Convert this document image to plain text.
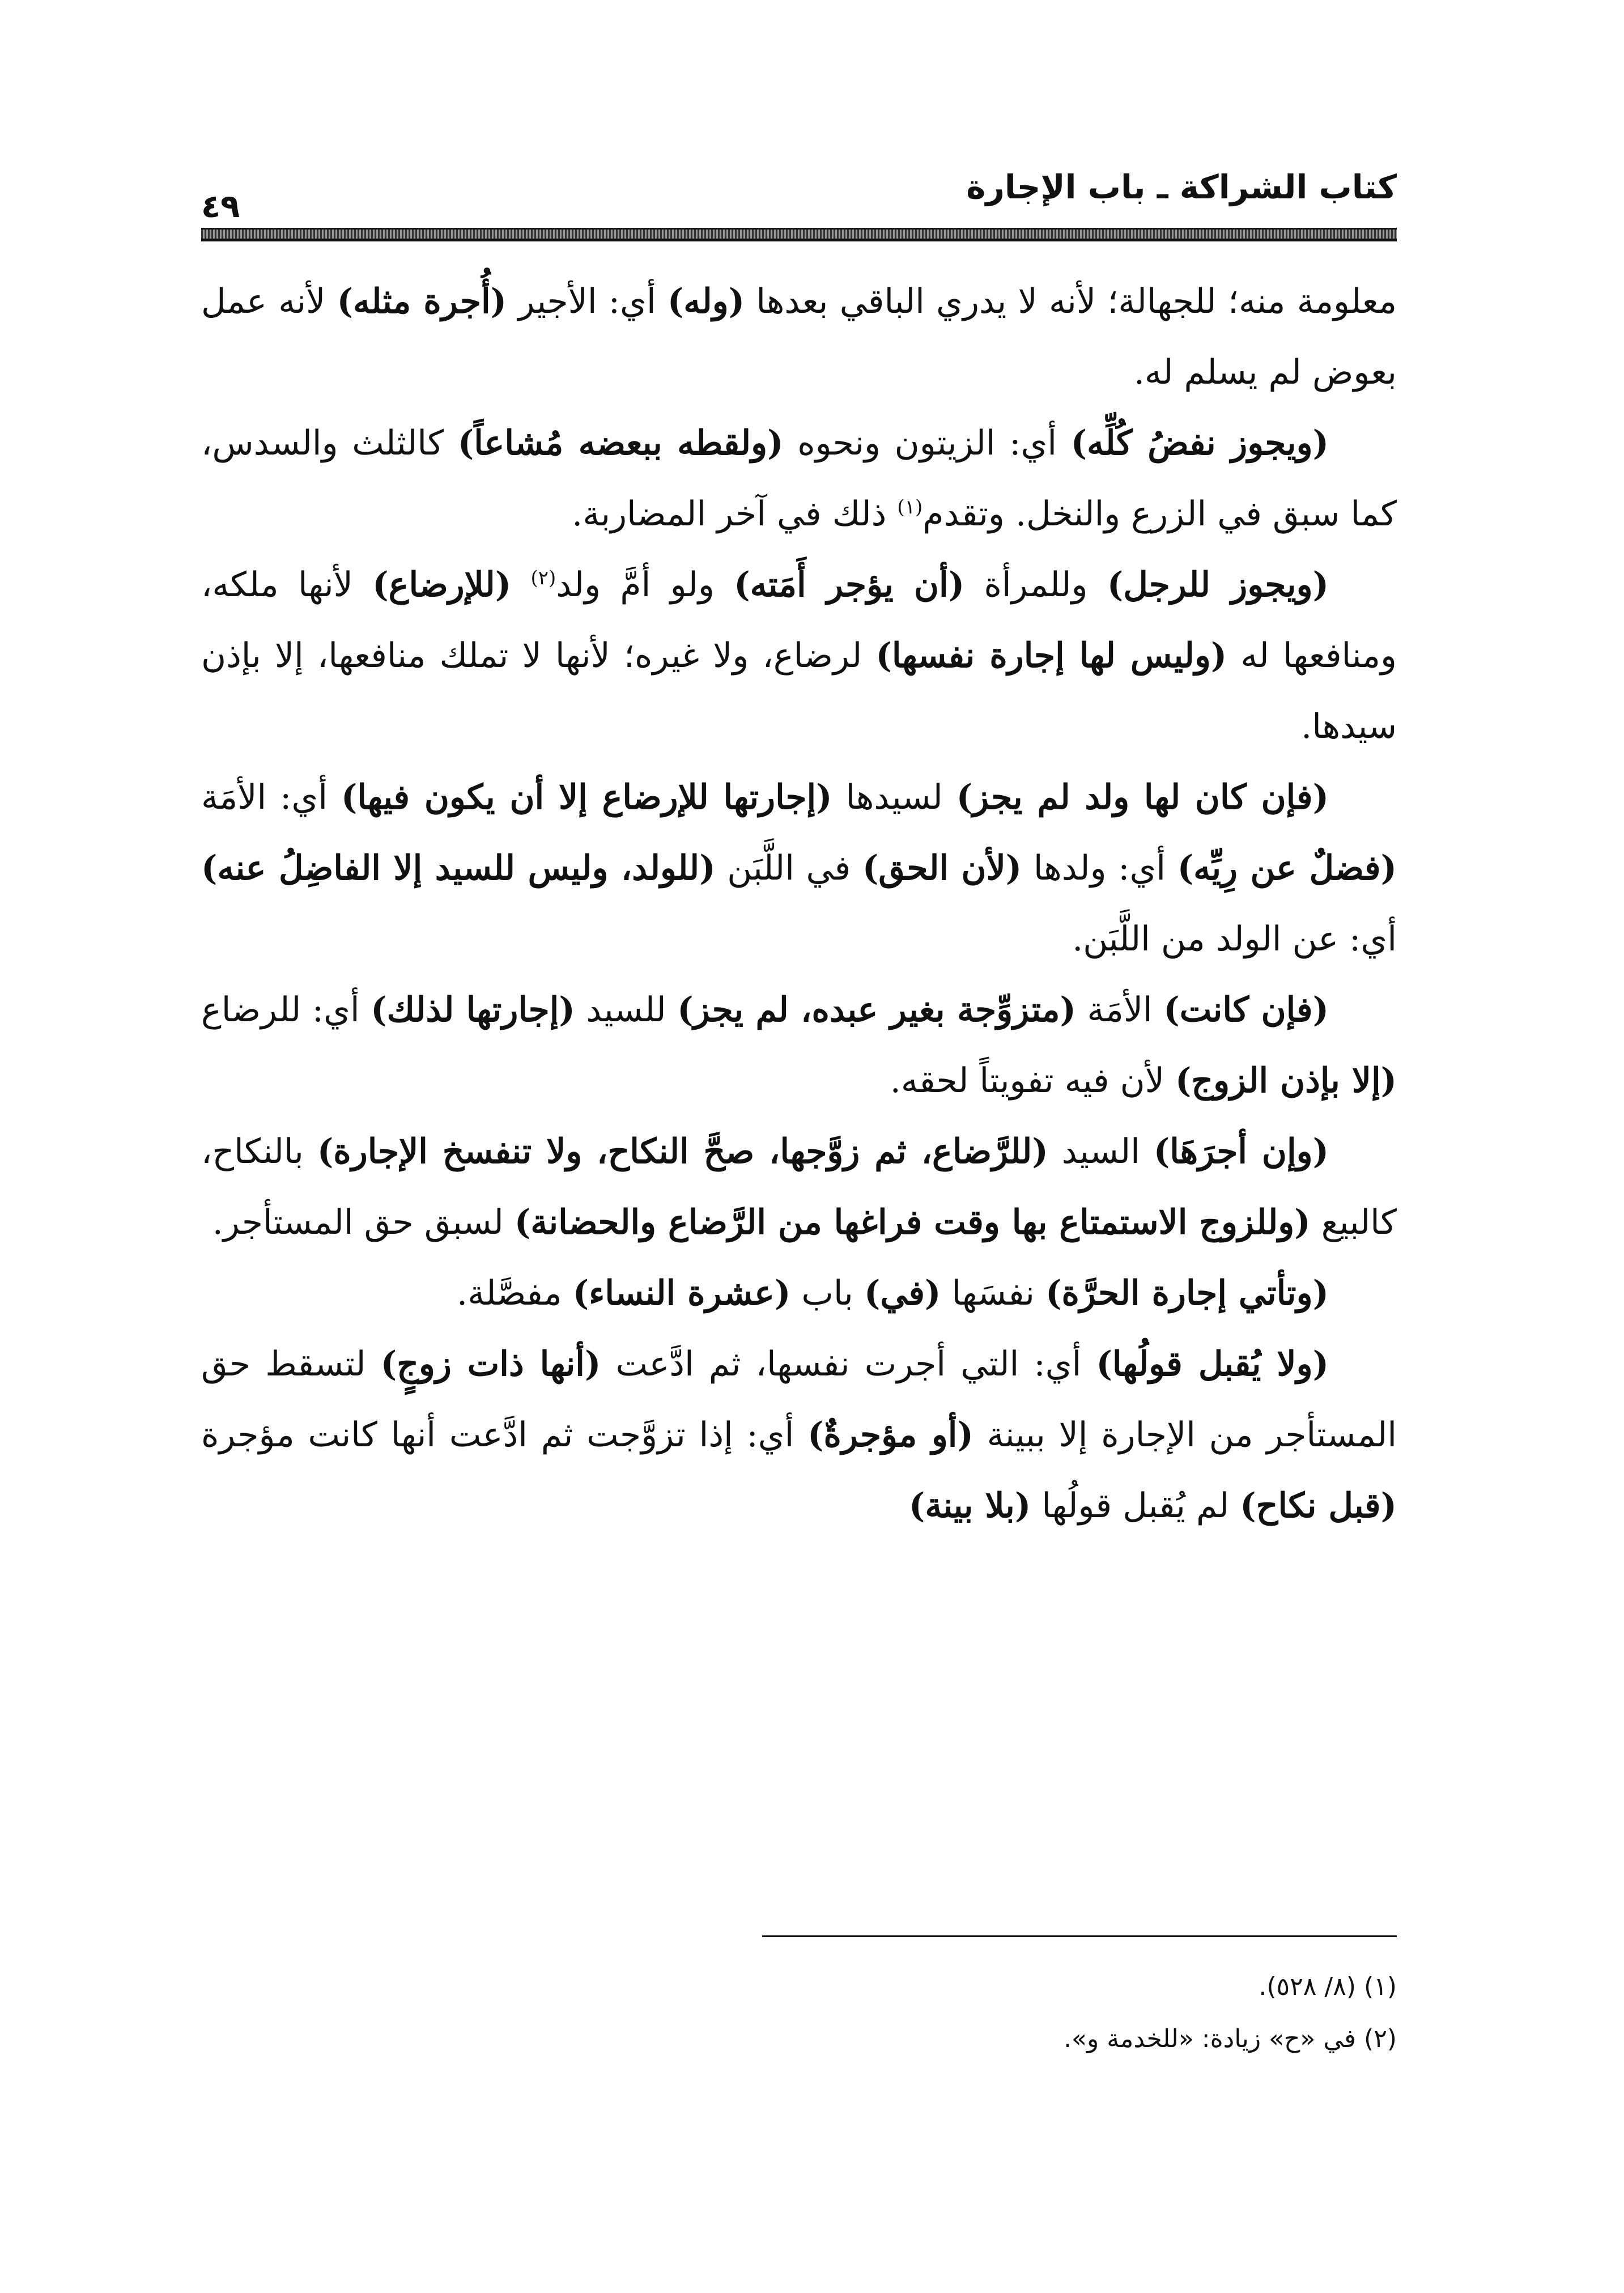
كتاب الشراكة ـ باب الإجارة
٤٩

معلومة منه؛ للجهالة؛ لأنه لا يدري الباقي بعدها (وله) أي: الأجير (أُجرة مثله) لأنه عمل بعوض لم يسلم له.

(ويجوز نفضُ كُلِّه) أي: الزيتون ونحوه (ولقطه ببعضه مُشاعاً) كالثلث والسدس، كما سبق في الزرع والنخل. وتقدم$^{(١)}$ ذلك في آخر المضاربة.

(ويجوز للرجل) وللمرأة (أن يؤجر أَمَته) ولو أمَّ ولد$^{(٢)}$ (للإرضاع) لأنها ملكه، ومنافعها له (وليس لها إجارة نفسها) لرضاع، ولا غيره؛ لأنها لا تملك منافعها، إلا بإذن سيدها.

(فإن كان لها ولد لم يجز) لسيدها (إجارتها للإرضاع إلا أن يكون فيها) أي: الأمَة (فضلٌ عن رِيِّه) أي: ولدها (لأن الحق) في اللَّبَن (للولد، وليس للسيد إلا الفاضِلُ عنه) أي: عن الولد من اللَّبَن.

(فإن كانت) الأمَة (متزوِّجة بغير عبده، لم يجز) للسيد (إجارتها لذلك) أي: للرضاع (إلا بإذن الزوج) لأن فيه تفويتاً لحقه.

(وإن أجرَهَا) السيد (للرَّضاع، ثم زوَّجها، صحَّ النكاح، ولا تنفسخ الإجارة) بالنكاح، كالبيع (وللزوج الاستمتاع بها وقت فراغها من الرَّضاع والحضانة) لسبق حق المستأجر.

(وتأتي إجارة الحرَّة) نفسَها (في) باب (عشرة النساء) مفصَّلة.

(ولا يُقبل قولُها) أي: التي أجرت نفسها، ثم ادَّعت (أنها ذات زوجٍ) لتسقط حق المستأجر من الإجارة إلا ببينة (أو مؤجرةٌ) أي: إذا تزوَّجت ثم ادَّعت أنها كانت مؤجرة (قبل نكاح) لم يُقبل قولُها (بلا بينة)

(١) (٨/ ٥٢٨).
(٢) في «ح» زيادة: «للخدمة و».
